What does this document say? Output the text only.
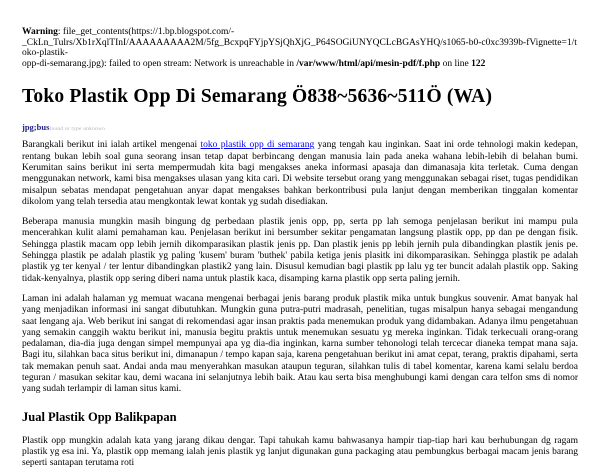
Warning: file_get_contents(https://1.bp.blogspot.com/-
_CkLn_Tulrs/Xb1rXqlTInI/AAAAAAAAA2M/5fg_BcxpqFYjpYSjQhXjG_P64SOGiUNYQCLcBGAsYHQ/s1065-b0-c0xc3939b-fVignette=1/toko-plastik-
opp-di-semarang.jpg): failed to open stream: Network is unreachable in /var/www/html/api/mesin-pdf/f.php on line 122
Toko Plastik Opp Di Semarang Ö838~5636~511Ö (WA)
jpg;busfound or type unknown

Barangkali berikut ini ialah artikel mengenai toko plastik opp di semarang yang tengah kau inginkan. Saat ini orde tehnologi makin kedepan, rentang bukan lebih soal guna seorang insan tetap dapat berbincang dengan manusia lain pada aneka wahana lebih-lebih di belahan bumi. Kerumitan sains berikut ini serta mempermudah kita bagi mengakses aneka informasi apasaja dan dimanasaja kita terletak. Cuma dengan menggunakan network, kami bisa mengakses ulasan yang kita cari. Di website tersebut orang yang menggunakan sebagai riset, tugas pendidikan misalpun sebatas mendapat pengetahuan anyar dapat mengakses bahkan berkontribusi pula lanjut dengan memberikan tinggalan komentar dikolom yang telah tersedia atau mengkontak lewat kontak yg sudah disediakan.

Beberapa manusia mungkin masih bingung dg perbedaan plastik jenis opp, pp, serta pp lah semoga penjelasan berikut ini mampu pula mencerahkan kulit alami pemahaman kau. Penjelasan berikut ini bersumber sekitar pengamatan langsung plastik opp, pp dan pe dengan fisik. Sehingga plastik macam opp lebih jernih dikomparasikan plastik jenis pp. Dan plastik jenis pp lebih jernih pula dibandingkan plastik jenis pe. Sehingga plastik pe adalah plastik yg paling 'kusem' buram 'buthek' pabila ketiga jenis plasitk ini dikomparasikan. Sehingga plastik pe adalah plastik yg ter kenyal / ter lentur dibandingkan plastik2 yang lain. Disusul kemudian bagi plastik pp lalu yg ter buncit adalah plastik opp. Saking tidak-kenyalnya, plastik opp sering diberi nama untuk plastik kaca, disamping karna plastik opp serta paling jernih.

Laman ini adalah halaman yg memuat wacana mengenai berbagai jenis barang produk plastik mika untuk bungkus souvenir. Amat banyak hal yang menjadikan informasi ini sangat dibutuhkan. Mungkin guna putra-putri madrasah, penelitian, tugas misalpun hanya sebagai mengandung saat lengang aja. Web berikut ini sangat di rekomendasi agar insan praktis pada menemukan produk yang didambakan. Adanya ilmu pengetahuan yang semakin canggih waktu berikut ini, manusia begitu praktis untuk menemukan sesuatu yg mereka inginkan. Tidak terkecuali orang-orang pedalaman, dia-dia juga dengan simpel mempunyai apa yg dia-dia inginkan, karna sumber tehonologi telah tercecar dianeka tempat mana saja. Bagi itu, silahkan baca situs berikut ini, dimanapun / tempo kapan saja, karena pengetahuan berikut ini amat cepat, terang, praktis dipahami, serta tak memakan penuh saat. Andai anda mau menyerahkan masukan ataupun teguran, silahkan tulis di tabel komentar, karena kami selalu berdoa teguran / masukan sekitar kau, demi wacana ini selanjutnya lebih baik. Atau kau serta bisa menghubungi kami dengan cara telfon sms di nomor yang sudah terlampir di laman situs kami.

Jual Plastik Opp Balikpapan

Plastik opp mungkin adalah kata yang jarang dikau dengar. Tapi tahukah kamu bahwasanya hampir tiap-tiap hari kau berhubungan dg ragam plastik yg esa ini. Ya, plastik opp memang ialah jenis plastik yg lanjut digunakan guna packaging atau pembungkus berbagai macam jenis barang seperti santapan terutama roti
